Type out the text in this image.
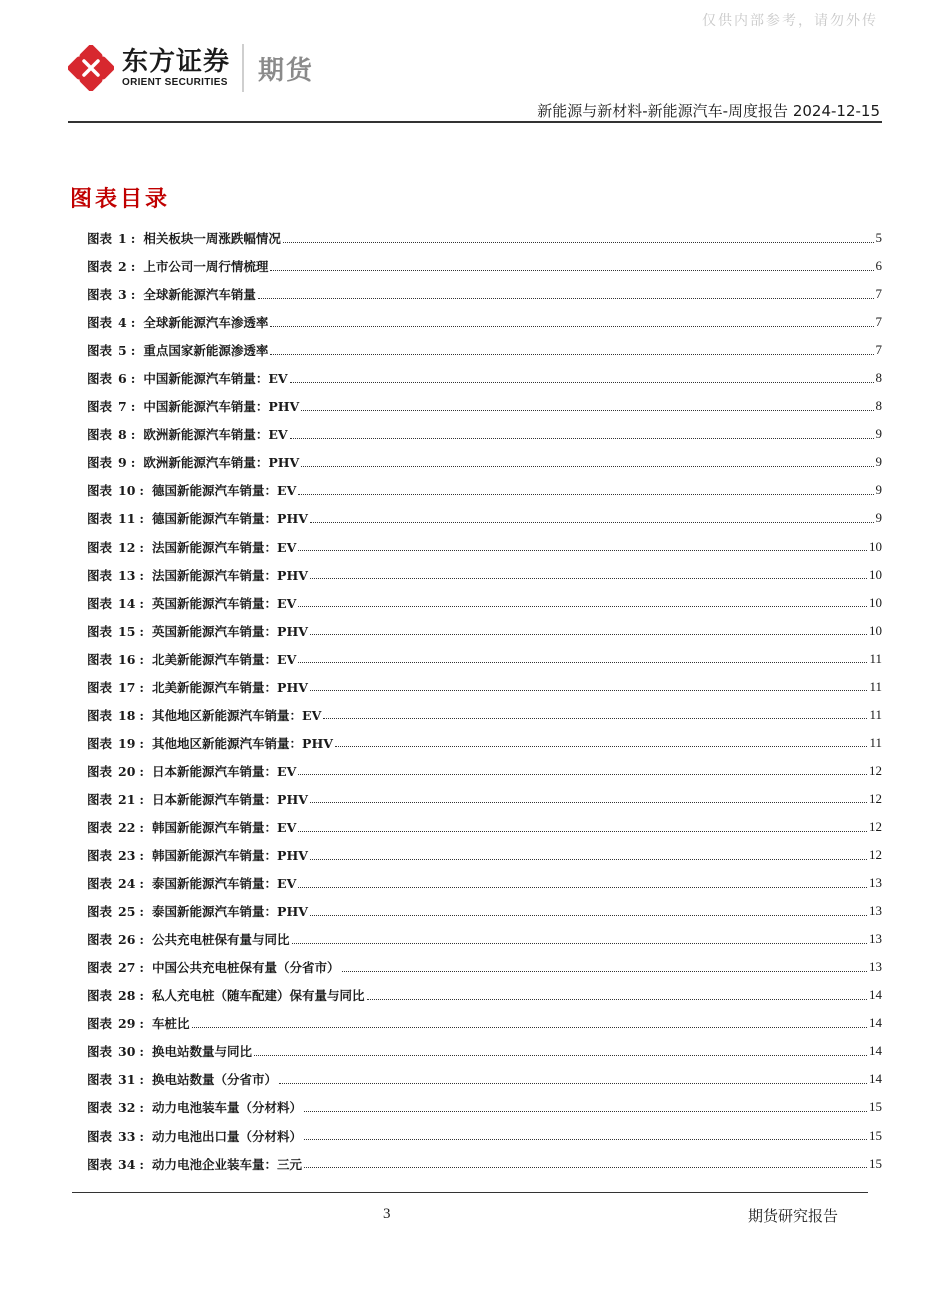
仅供内部参考，请勿外传
东方证券
ORIENT SECURITIES 期货
新能源与新材料-新能源汽车-周度报告 2024-12-15
图表目录
图表 1 : 相关板块一周涨跌幅情况	5
图表 2 : 上市公司一周行情梳理	6
图表 3 : 全球新能源汽车销量	7
图表 4 : 全球新能源汽车渗透率	7
图表 5 : 重点国家新能源渗透率	7
图表 6 : 中国新能源汽车销量：EV	8
图表 7 : 中国新能源汽车销量：PHV	8
图表 8 : 欧洲新能源汽车销量：EV	9
图表 9 : 欧洲新能源汽车销量：PHV	9
图表 10 : 德国新能源汽车销量：EV	9
图表 11 : 德国新能源汽车销量：PHV	9
图表 12 : 法国新能源汽车销量：EV	10
图表 13 : 法国新能源汽车销量：PHV	10
图表 14 : 英国新能源汽车销量：EV	10
图表 15 : 英国新能源汽车销量：PHV	10
图表 16 : 北美新能源汽车销量：EV	11
图表 17 : 北美新能源汽车销量：PHV	11
图表 18 : 其他地区新能源汽车销量：EV	11
图表 19 : 其他地区新能源汽车销量：PHV	11
图表 20 : 日本新能源汽车销量：EV	12
图表 21 : 日本新能源汽车销量：PHV	12
图表 22 : 韩国新能源汽车销量：EV	12
图表 23 : 韩国新能源汽车销量：PHV	12
图表 24 : 泰国新能源汽车销量：EV	13
图表 25 : 泰国新能源汽车销量：PHV	13
图表 26 : 公共充电桩保有量与同比	13
图表 27 : 中国公共充电桩保有量（分省市）	13
图表 28 : 私人充电桩（随车配建）保有量与同比	14
图表 29 : 车桩比	14
图表 30 : 换电站数量与同比	14
图表 31 : 换电站数量（分省市）	14
图表 32 : 动力电池装车量（分材料）	15
图表 33 : 动力电池出口量（分材料）	15
图表 34 : 动力电池企业装车量：三元	15
3	期货研究报告
